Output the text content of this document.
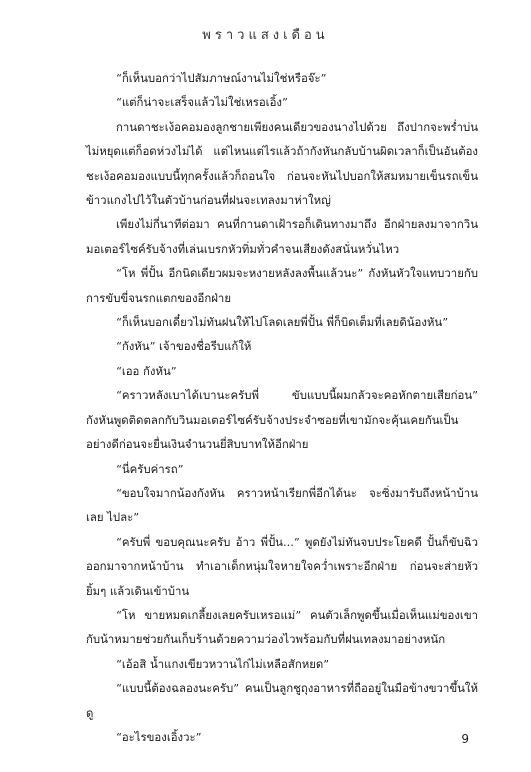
พราวแสงเดือน

“ก็เห็นบอกว่าไปสัมภาษณ์งานไม่ใช่หรือจ๊ะ”

“แต่ก็น่าจะเสร็จแล้วไม่ใช่เหรอเอิ้ง”

กานดาชะเง้อคอมองลูกชายเพียงคนเดียวของนางไปด้วย ถึงปากจะพร่ำบ่นไม่หยุดแต่ก็อดห่วงไม่ได้ แต่ไหนแต่ไรแล้วถ้ากังหันกลับบ้านผิดเวลาก็เป็นอันต้องชะเง้อคอมองแบบนี้ทุกครั้งแล้วก็ถอนใจ ก่อนจะหันไปบอกให้สมหมายเข็นรถเข็นข้าวแกงไปไว้ในตัวบ้านก่อนที่ฝนจะเทลงมาห่าใหญ่

เพียงไม่กี่นาทีต่อมา คนที่กานดาเฝ้ารอก็เดินทางมาถึง อีกฝ่ายลงมาจากวินมอเตอร์ไซค์รับจ้างที่เล่นเบรกหัวทิ่มทั่วคำจนเสียงดังสนั่นหวั่นไหว

“โห พี่ปั้น อีกนิดเดียวผมจะหงายหลังลงพื้นแล้วนะ” กังหันหัวใจแทบวายกับการขับขี่จนรกแตกของอีกฝ่าย

“ก็เห็นบอกเดี๋ยวไม่ทันฝนให้ไปโลดเลยพี่ปั้น พี่ก็บิดเต็มที่เลยดิน้องหัน”

“กังหัน” เจ้าของชื่อรีบแก้ให้

“เออ กังหัน”

“คราวหลังเบาได้เบานะครับพี่ ขับแบบนี้ผมกลัวจะคอหักตายเสียก่อน” กังหันพูดติดตลกกับวินมอเตอร์ไซค์รับจ้างประจำซอยที่เขามักจะคุ้นเคยกันเป็นอย่างดีก่อนจะยื่นเงินจำนวนยี่สิบบาทให้อีกฝ่าย

“นี่ครับค่ารถ”

“ขอบใจมากน้องกังหัน คราวหน้าเรียกพี่อีกได้นะ จะซิ่งมารับถึงหน้าบ้านเลย ไปละ”

“ครับพี่ ขอบคุณนะครับ อ้าว พี่ปั้น...” พูดยังไม่ทันจบประโยคดี ปั้นก็ขับฉิวออกมาจากหน้าบ้าน ทำเอาเด็กหนุ่มใจหายใจคว่ำเพราะอีกฝ่าย ก่อนจะส่ายหัวยิ้มๆ แล้วเดินเข้าบ้าน

“โห ขายหมดเกลี้ยงเลยครับเหรอแม่” คนตัวเล็กพูดขึ้นเมื่อเห็นแม่ของเขากับน้าหมายช่วยกันเก็บร้านด้วยความว่องไวพร้อมกับที่ฝนเทลงมาอย่างหนัก

“เอ้อสิ น้ำแกงเขียวหวานไก่ไม่เหลือสักหยด”

“แบบนี้ต้องฉลองนะครับ” คนเป็นลูกชูถุงอาหารที่ถืออยู่ในมือข้างขวาขึ้นให้ดู

“อะไรของเอิ้งวะ”	9
